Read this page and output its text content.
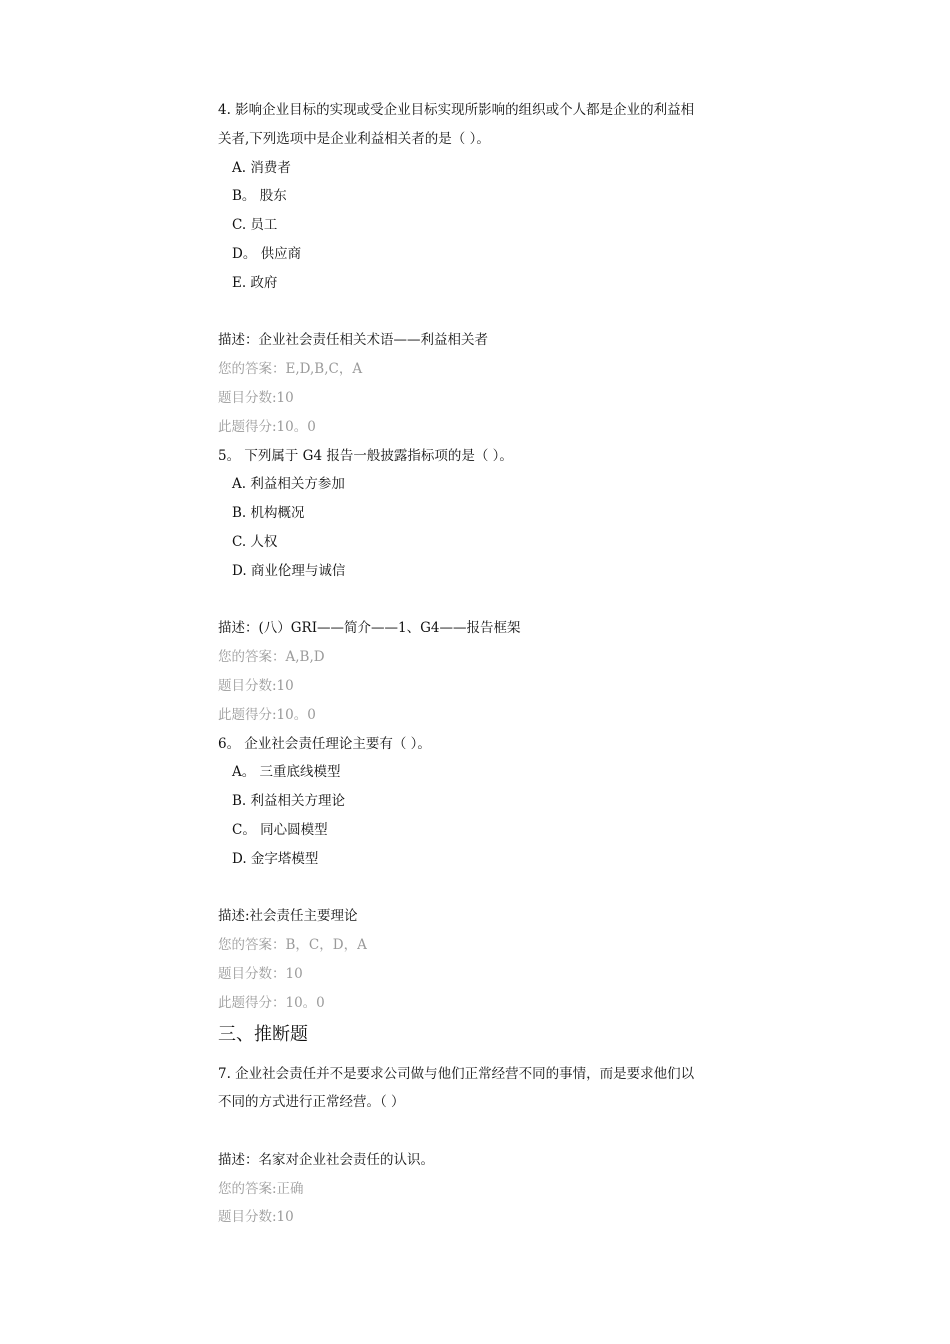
4. 影响企业目标的实现或受企业目标实现所影响的组织或个人都是企业的利益相
关者,下列选项中是企业利益相关者的是（ ）。
A. 消费者
B。 股东
C. 员工
D。 供应商
E. 政府
描述：企业社会责任相关术语——利益相关者
您的答案：E,D,B,C，A
题目分数:10
此题得分:10。0
5。 下列属于 G4 报告一般披露指标项的是（ ）。
A. 利益相关方参加
B. 机构概况
C. 人权
D. 商业伦理与诚信
描述：(八）GRI——简介——1、G4——报告框架
您的答案：A,B,D
题目分数:10
此题得分:10。0
6。 企业社会责任理论主要有（ ）。
A。 三重底线模型
B. 利益相关方理论
C。 同心圆模型
D. 金字塔模型
描述:社会责任主要理论
您的答案：B，C，D，A
题目分数：10
此题得分：10。0
三、推断题
7. 企业社会责任并不是要求公司做与他们正常经营不同的事情，而是要求他们以
不同的方式进行正常经营。（ ）
描述：名家对企业社会责任的认识。
您的答案:正确
题目分数:10
